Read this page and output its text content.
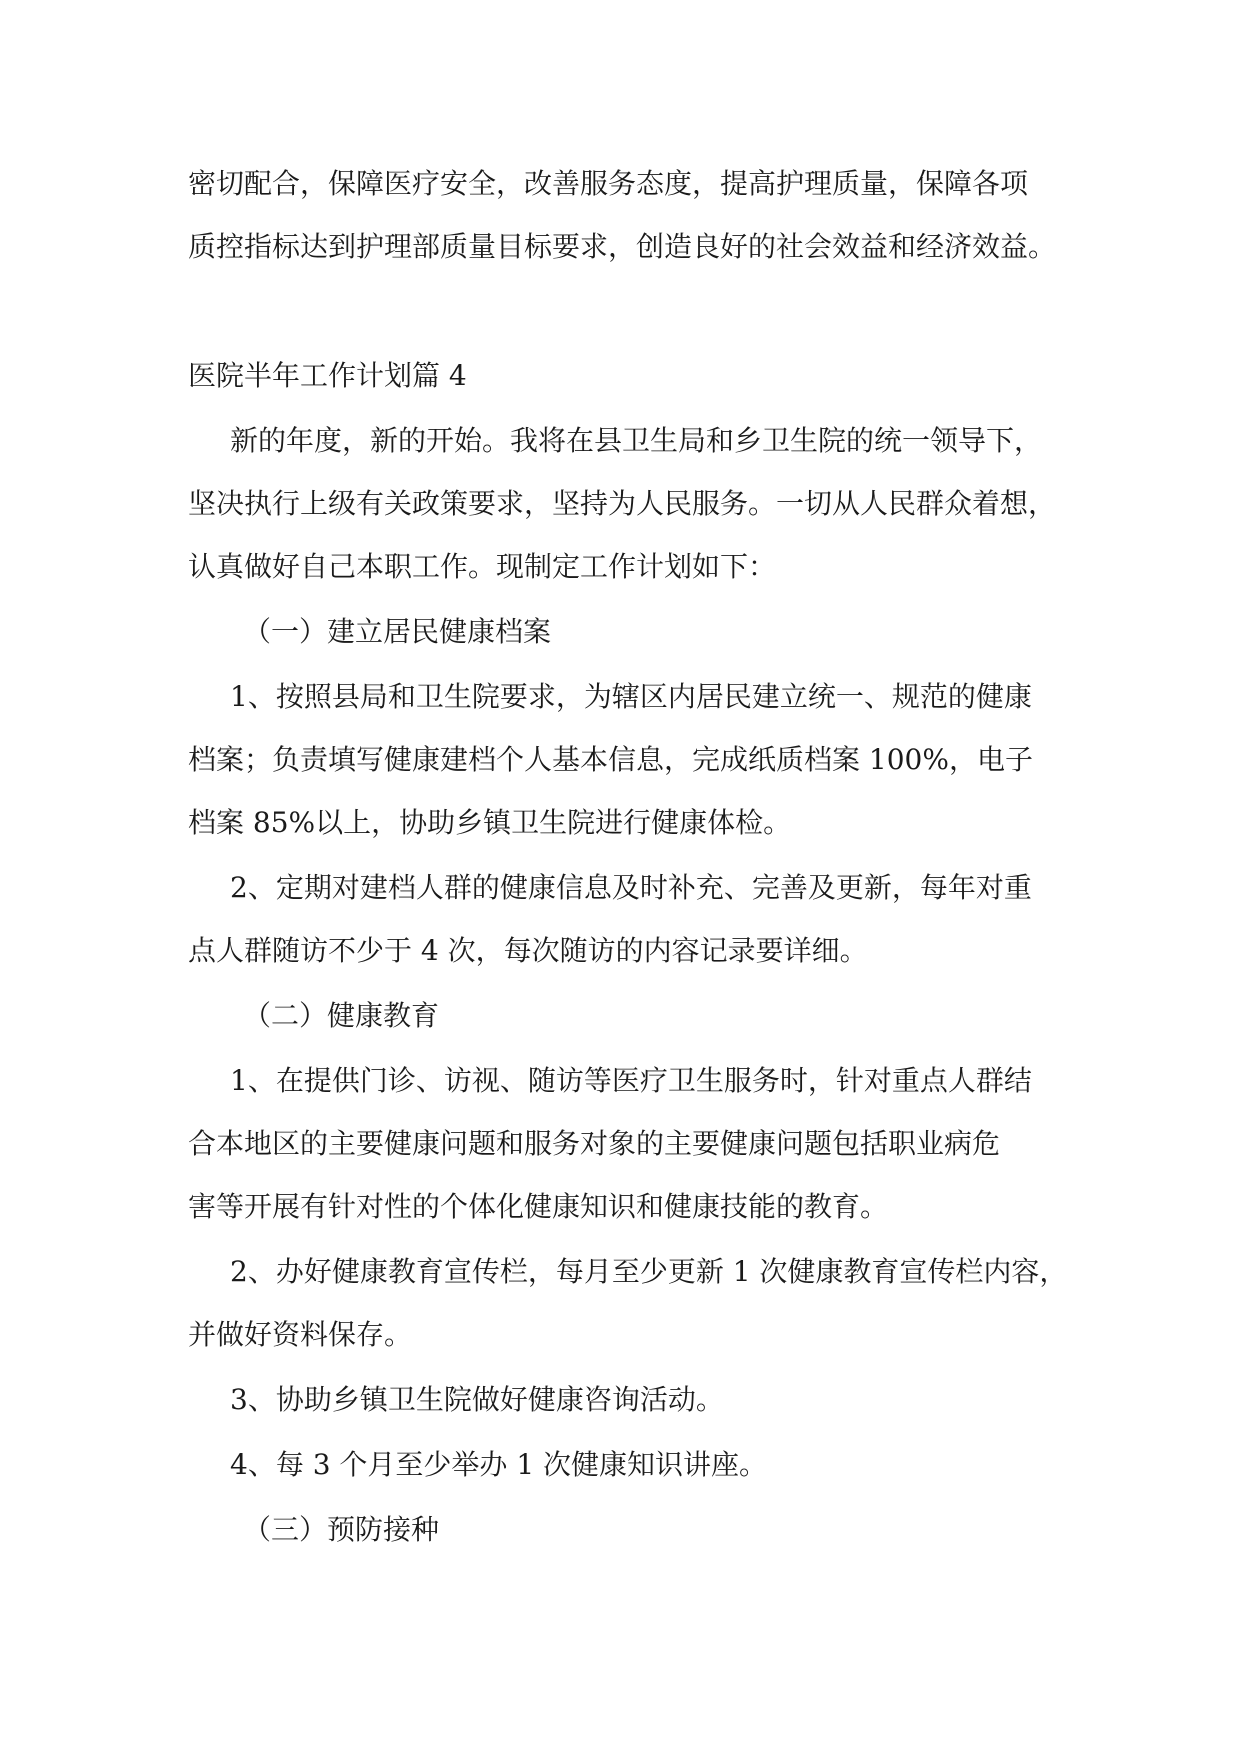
密切配合，保障医疗安全，改善服务态度，提高护理质量，保障各项

质控指标达到护理部质量目标要求，创造良好的社会效益和经济效益。

医院半年工作计划篇 4

新的年度，新的开始。我将在县卫生局和乡卫生院的统一领导下，

坚决执行上级有关政策要求，坚持为人民服务。一切从人民群众着想，

认真做好自己本职工作。现制定工作计划如下：

（一）建立居民健康档案

1、按照县局和卫生院要求，为辖区内居民建立统一、规范的健康

档案；负责填写健康建档个人基本信息，完成纸质档案 100%，电子

档案 85%以上，协助乡镇卫生院进行健康体检。

2、定期对建档人群的健康信息及时补充、完善及更新，每年对重

点人群随访不少于 4 次，每次随访的内容记录要详细。

（二）健康教育

1、在提供门诊、访视、随访等医疗卫生服务时，针对重点人群结

合本地区的主要健康问题和服务对象的主要健康问题包括职业病危

害等开展有针对性的个体化健康知识和健康技能的教育。

2、办好健康教育宣传栏，每月至少更新 1 次健康教育宣传栏内容，

并做好资料保存。

3、协助乡镇卫生院做好健康咨询活动。

4、每 3 个月至少举办 1 次健康知识讲座。

（三）预防接种
